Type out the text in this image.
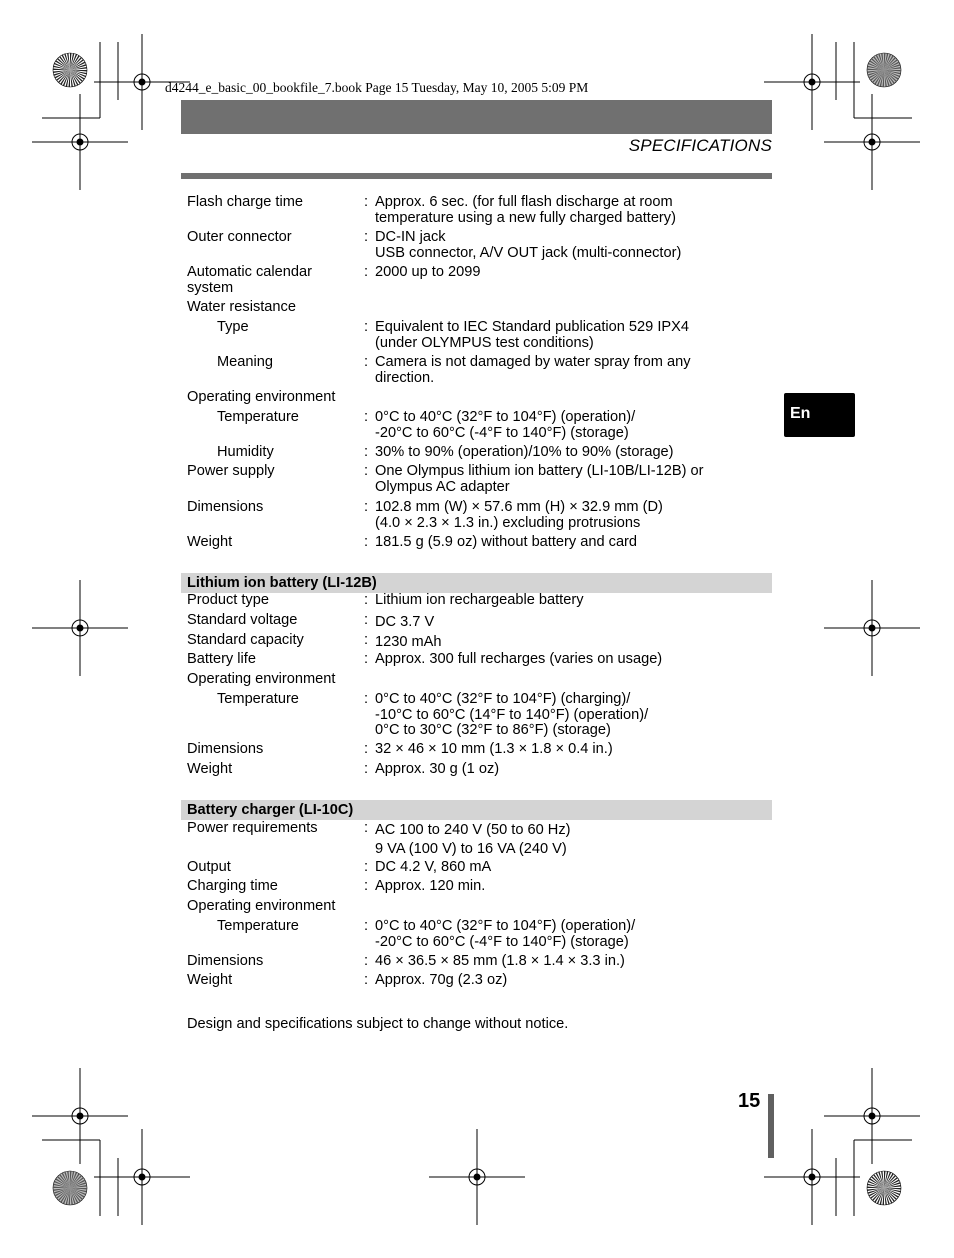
d4244_e_basic_00_bookfile_7.book Page 15 Tuesday, May 10, 2005 5:09 PM
SPECIFICATIONS
En
Flash charge time	: Approx. 6 sec. (for full flash discharge at room
temperature using a new fully charged battery)
Outer connector	: DC-IN jack
USB connector, A/V OUT jack (multi-connector)
Automatic calendar
system
: 2000 up to 2099
Water resistance
Type	: Equivalent to IEC Standard publication 529 IPX4
(under OLYMPUS test conditions)
Meaning	: Camera is not damaged by water spray from any
direction.
Operating environment
Temperature	: 0°C to 40°C (32°F to 104°F) (operation)/
-20°C to 60°C (-4°F to 140°F) (storage)
Humidity	: 30% to 90% (operation)/10% to 90% (storage)
Power supply	: One Olympus lithium ion battery (LI-10B/LI-12B) or
Olympus AC adapter
Dimensions	: 102.8 mm (W) × 57.6 mm (H) × 32.9 mm (D)
(4.0 × 2.3 × 1.3 in.) excluding protrusions
Weight	: 181.5 g (5.9 oz) without battery and card
Lithium ion battery (LI-12B)
Product type	: Lithium ion rechargeable battery
Standard voltage	: DC 3.7 V
Standard capacity	: 1230 mAh
Battery life	: Approx. 300 full recharges (varies on usage)
Operating environment
Temperature	: 0°C to 40°C (32°F to 104°F) (charging)/
-10°C to 60°C (14°F to 140°F) (operation)/
0°C to 30°C (32°F to 86°F) (storage)
Dimensions	: 32 × 46 × 10 mm (1.3 × 1.8 × 0.4 in.)
Weight	: Approx. 30 g (1 oz)
Battery charger (LI-10C)
Power requirements	: AC 100 to 240 V (50 to 60 Hz)
9 VA (100 V) to 16 VA (240 V)
Output	: DC 4.2 V, 860 mA
Charging time	: Approx. 120 min.
Operating environment
Temperature	: 0°C to 40°C (32°F to 104°F) (operation)/
-20°C to 60°C (-4°F to 140°F) (storage)
Dimensions	: 46 × 36.5 × 85 mm (1.8 × 1.4 × 3.3 in.)
Weight	: Approx. 70g (2.3 oz)
Design and specifications subject to change without notice.
15
